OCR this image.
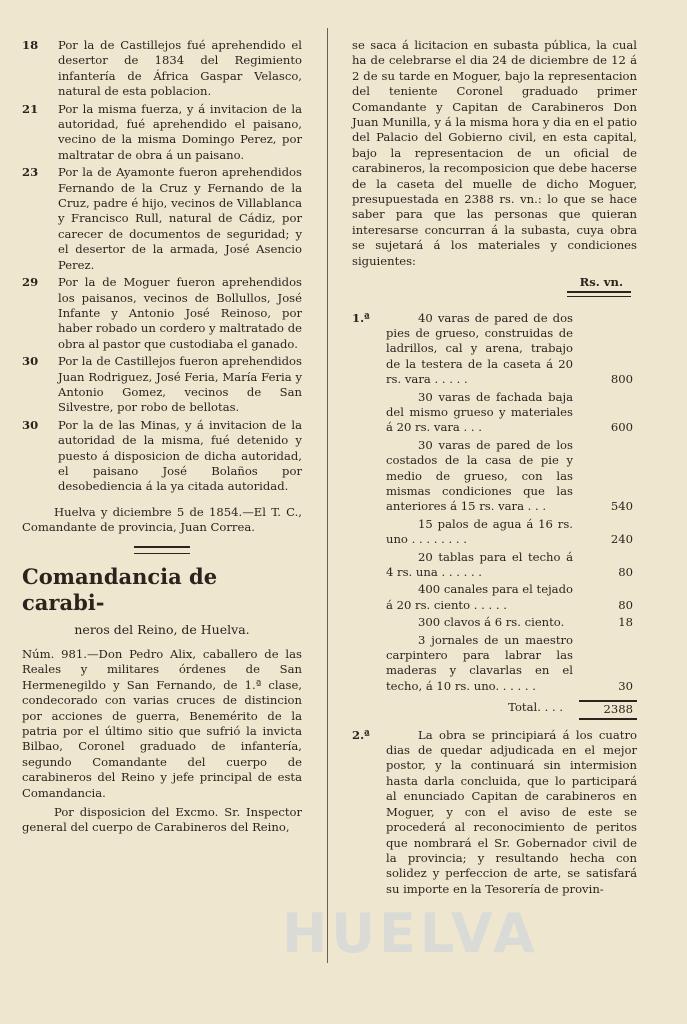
18	Por la de Castillejos fué aprehendido el desertor de 1834 del Regimiento infantería de África Gaspar Velasco, natural de esta poblacion.
21	Por la misma fuerza, y á invitacion de la autoridad, fué aprehendido el paisano, vecino de la misma Domingo Perez, por maltratar de obra á un paisano.
23	Por la de Ayamonte fueron aprehendidos Fernando de la Cruz y Fernando de la Cruz, padre é hijo, vecinos de Villablanca y Francisco Rull, natural de Cádiz, por carecer de documentos de seguridad; y el desertor de la armada, José Asencio Perez.
29	Por la de Moguer fueron aprehendidos los paisanos, vecinos de Bollullos, José Infante y Antonio José Reinoso, por haber robado un cordero y maltratado de obra al pastor que custodiaba el ganado.
30	Por la de Castillejos fueron aprehendidos Juan Rodriguez, José Feria, María Feria y Antonio Gomez, vecinos de San Silvestre, por robo de bellotas.
30	Por la de las Minas, y á invitacion de la autoridad de la misma, fué detenido y puesto á disposicion de dicha autoridad, el paisano José Bolaños por desobediencia á la ya citada autoridad.

Huelva y diciembre 5 de 1854.—El T. C., Comandante de provincia, Juan Correa.

Comandancia de carabi-
neros del Reino, de Huelva.

Núm. 981.—Don Pedro Alix, caballero de las Reales y militares órdenes de San Hermenegildo y San Fernando, de 1.ª clase, condecorado con varias cruces de distincion por acciones de guerra, Benemérito de la patria por el último sitio que sufrió la invicta Bilbao, Coronel graduado de infantería, segundo Comandante del cuerpo de carabineros del Reino y jefe principal de esta Comandancia.

Por disposicion del Excmo. Sr. Inspector general del cuerpo de Carabineros del Reino,

se saca á licitacion en subasta pública, la cual ha de celebrarse el dia 24 de diciembre de 12 á 2 de su tarde en Moguer, bajo la representacion del teniente Coronel graduado primer Comandante y Capitan de Carabineros Don Juan Munilla, y á la misma hora y dia en el patio del Palacio del Gobierno civil, en esta capital, bajo la representacion de un oficial de carabineros, la recomposicion que debe hacerse de la caseta del muelle de dicho Moguer, presupuestada en 2388 rs. vn.: lo que se hace saber para que las personas que quieran interesarse concurran á la subasta, cuya obra se sujetará á los materiales y condiciones siguientes:

Rs. vn.
1.ª	40 varas de pared de dos pies de grueso, construidas de ladrillos, cal y arena, trabajo de la testera de la caseta á 20 rs. vara . . . . .	800
30 varas de fachada baja del mismo grueso y materiales á 20 rs. vara . . .	600
30 varas de pared de los costados de la casa de pie y medio de grueso, con las mismas condiciones que las anteriores á 15 rs. vara . . .	540
15 palos de agua á 16 rs. uno . . . . . . . .	240
20 tablas para el techo á 4 rs. una . . . . . .	80
400 canales para el tejado á 20 rs. ciento . . . . .	80
300 clavos á 6 rs. ciento.	18
3 jornales de un maestro carpintero para labrar las maderas y clavarlas en el techo, á 10 rs. uno. . . . . .	30
Total. . . .	2388
2.ª	La obra se principiará á los cuatro dias de quedar adjudicada en el mejor postor, y la continuará sin intermision hasta darla concluida, que lo participará al enunciado Capitan de carabineros en Moguer, y con el aviso de este se procederá al reconocimiento de peritos que nombrará el Sr. Gobernador civil de la provincia; y resultando hecha con solidez y perfeccion de arte, se satisfará su importe en la Tesorería de provin-
HUELVA
